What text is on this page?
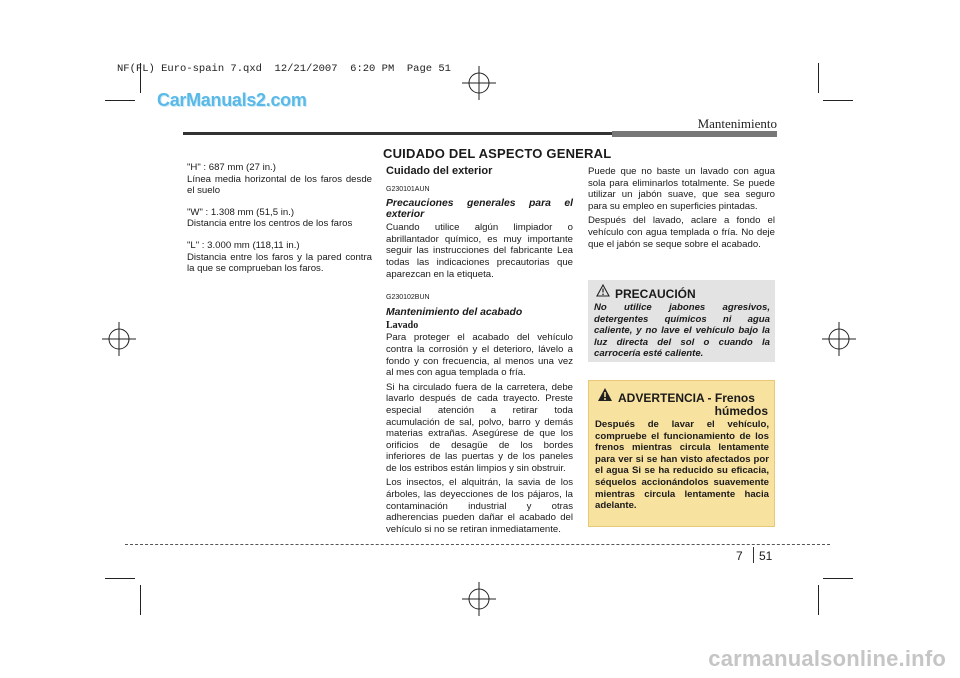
NF(FL) Euro-spain 7.qxd  12/21/2007  6:20 PM  Page 51
CarManuals2.com
Mantenimiento
CUIDADO DEL ASPECTO GENERAL

"H" : 687 mm (27 in.)
Línea media horizontal de los faros desde el suelo

"W" : 1.308 mm (51,5 in.)
Distancia entre los centros de los faros

"L" : 3.000 mm (118,11 in.)
Distancia entre los faros y la pared contra la que se comprueban los faros.

Cuidado del exterior
G230101AUN
Precauciones generales para el exterior

Cuando utilice algún limpiador o abrillantador químico, es muy importante seguir las instrucciones del fabricante Lea todas las indicaciones precautorias que aparezcan en la etiqueta.

G230102BUN
Mantenimiento del acabado
Lavado

Para proteger el acabado del vehículo contra la corrosión y el deterioro, lávelo a fondo y con frecuencia, al menos una vez al mes con agua templada o fría.

Si ha circulado fuera de la carretera, debe lavarlo después de cada trayecto. Preste especial atención a retirar toda acumulación de sal, polvo, barro y demás materias extrañas. Asegúrese de que los orificios de desagüe de los bordes inferiores de las puertas y de los paneles de los estribos están limpios y sin obstruir.

Los insectos, el alquitrán, la savia de los árboles, las deyecciones de los pájaros, la contaminación industrial y otras adherencias pueden dañar el acabado del vehículo si no se retiran inmediatamente.

Puede que no baste un lavado con agua sola para eliminarlos totalmente. Se puede utilizar un jabón suave, que sea seguro para su empleo en superficies pintadas.

Después del lavado, aclare a fondo el vehículo con agua templada o fría. No deje que el jabón se seque sobre el acabado.

PRECAUCIÓN
No utilice jabones agresivos, detergentes químicos ni agua caliente, y no lave el vehículo bajo la luz directa del sol o cuando la carrocería esté caliente.
ADVERTENCIA - Frenos
húmedos
Después de lavar el vehículo, compruebe el funcionamiento de los frenos mientras circula lentamente para ver si se han visto afectados por el agua Si se ha reducido su eficacia, séquelos accionándolos suavemente mientras circula lentamente hacia adelante.
7 51
carmanualsonline.info
